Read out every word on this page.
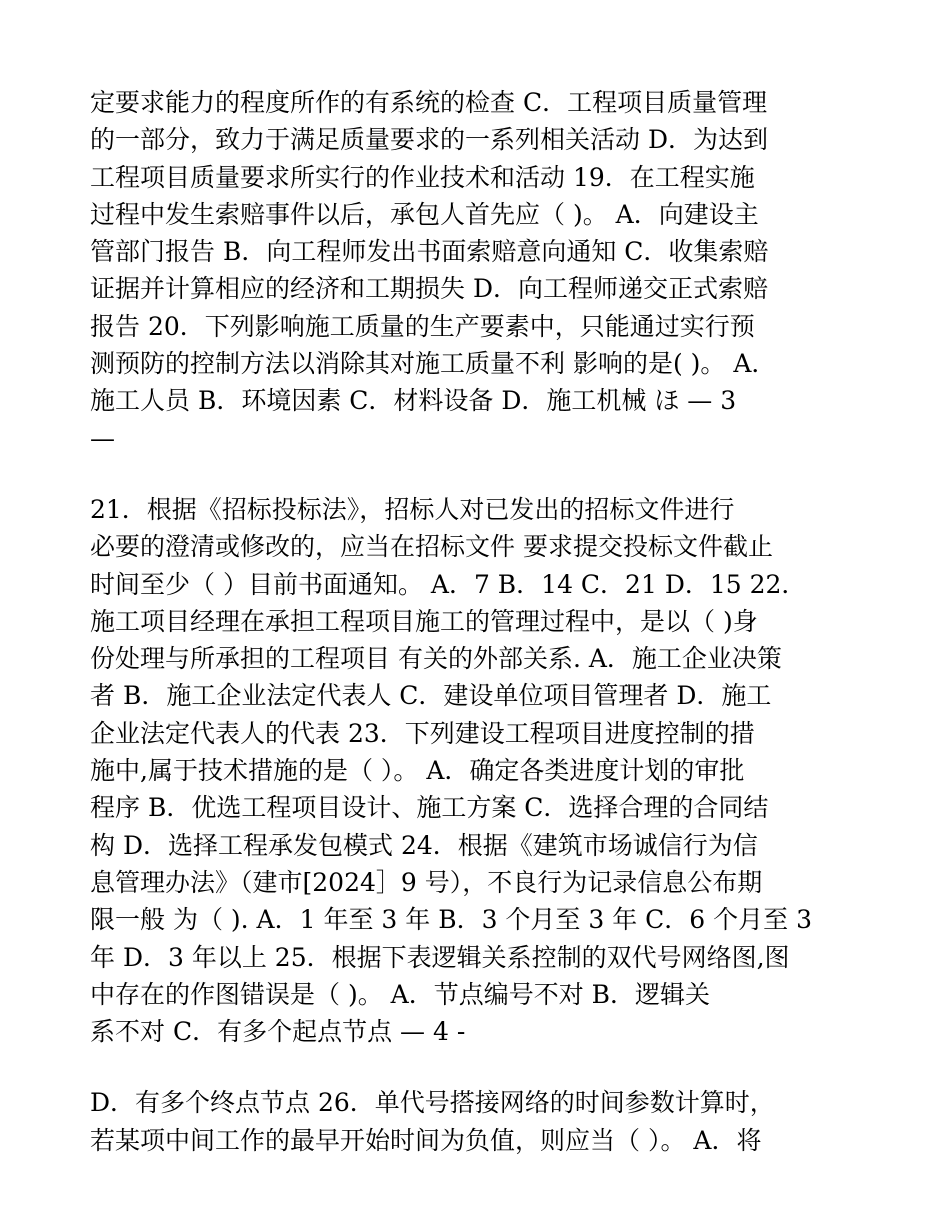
定要求能力的程度所作的有系统的检查 C．工程项目质量管理
的一部分，致力于满足质量要求的一系列相关活动 D．为达到
工程项目质量要求所实行的作业技术和活动 19．在工程实施
过程中发生索赔事件以后，承包人首先应（ )。 A．向建设主
管部门报告 B．向工程师发出书面索赔意向通知 C．收集索赔
证据并计算相应的经济和工期损失 D．向工程师递交正式索赔
报告 20．下列影响施工质量的生产要素中，只能通过实行预
测预防的控制方法以消除其对施工质量不利 影响的是( )。 A．
施工人员 B．环境因素 C．材料设备 D．施工机械 ほ — 3
—
21．根据《招标投标法》，招标人对已发出的招标文件进行
必要的澄清或修改的，应当在招标文件 要求提交投标文件截止
时间至少（ ）目前书面通知。 A．7 B．14 C．21 D．15 22．
施工项目经理在承担工程项目施工的管理过程中，是以（ )身
份处理与所承担的工程项目 有关的外部关系. A．施工企业决策
者 B．施工企业法定代表人 C．建设单位项目管理者 D．施工
企业法定代表人的代表 23．下列建设工程项目进度控制的措
施中,属于技术措施的是（ ）。 A．确定各类进度计划的审批
程序 B．优选工程项目设计、施工方案 C．选择合理的合同结
构 D．选择工程承发包模式 24．根据《建筑市场诚信行为信
息管理办法》（建市[2024］9 号），不良行为记录信息公布期
限一般 为（ ). A．1 年至 3 年 B．3 个月至 3 年 C．6 个月至 3
年 D．3 年以上 25．根据下表逻辑关系控制的双代号网络图,图
中存在的作图错误是（ )。 A．节点编号不对 B．逻辑关
系不对 C．有多个起点节点 — 4 -
D．有多个终点节点 26．单代号搭接网络的时间参数计算时，
若某项中间工作的最早开始时间为负值，则应当（ ）。 A．将
